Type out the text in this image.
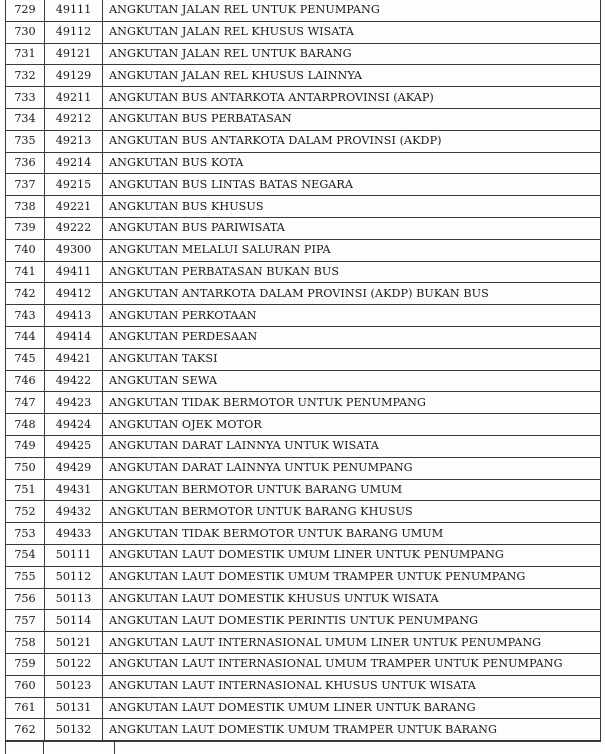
729	49111	ANGKUTAN JALAN REL UNTUK PENUMPANG
730	49112	ANGKUTAN JALAN REL KHUSUS WISATA
731	49121	ANGKUTAN JALAN REL UNTUK BARANG
732	49129	ANGKUTAN JALAN REL KHUSUS LAINNYA
733	49211	ANGKUTAN BUS ANTARKOTA ANTARPROVINSI (AKAP)
734	49212	ANGKUTAN BUS PERBATASAN
735	49213	ANGKUTAN BUS ANTARKOTA DALAM PROVINSI (AKDP)
736	49214	ANGKUTAN BUS KOTA
737	49215	ANGKUTAN BUS LINTAS BATAS NEGARA
738	49221	ANGKUTAN BUS KHUSUS
739	49222	ANGKUTAN BUS PARIWISATA
740	49300	ANGKUTAN MELALUI SALURAN PIPA
741	49411	ANGKUTAN PERBATASAN BUKAN BUS
742	49412	ANGKUTAN ANTARKOTA DALAM PROVINSI (AKDP) BUKAN BUS
743	49413	ANGKUTAN PERKOTAAN
744	49414	ANGKUTAN PERDESAAN
745	49421	ANGKUTAN TAKSI
746	49422	ANGKUTAN SEWA
747	49423	ANGKUTAN TIDAK BERMOTOR UNTUK PENUMPANG
748	49424	ANGKUTAN OJEK MOTOR
749	49425	ANGKUTAN DARAT LAINNYA UNTUK WISATA
750	49429	ANGKUTAN DARAT LAINNYA UNTUK PENUMPANG
751	49431	ANGKUTAN BERMOTOR UNTUK BARANG UMUM
752	49432	ANGKUTAN BERMOTOR UNTUK BARANG KHUSUS
753	49433	ANGKUTAN TIDAK BERMOTOR UNTUK BARANG UMUM
754	50111	ANGKUTAN LAUT DOMESTIK UMUM LINER UNTUK PENUMPANG
755	50112	ANGKUTAN LAUT DOMESTIK UMUM TRAMPER UNTUK PENUMPANG
756	50113	ANGKUTAN LAUT DOMESTIK KHUSUS UNTUK WISATA
757	50114	ANGKUTAN LAUT DOMESTIK PERINTIS UNTUK PENUMPANG
758	50121	ANGKUTAN LAUT INTERNASIONAL UMUM LINER UNTUK PENUMPANG
759	50122	ANGKUTAN LAUT INTERNASIONAL UMUM TRAMPER UNTUK PENUMPANG
760	50123	ANGKUTAN LAUT INTERNASIONAL KHUSUS UNTUK WISATA
761	50131	ANGKUTAN LAUT DOMESTIK UMUM LINER UNTUK BARANG
762	50132	ANGKUTAN LAUT DOMESTIK UMUM TRAMPER UNTUK BARANG
